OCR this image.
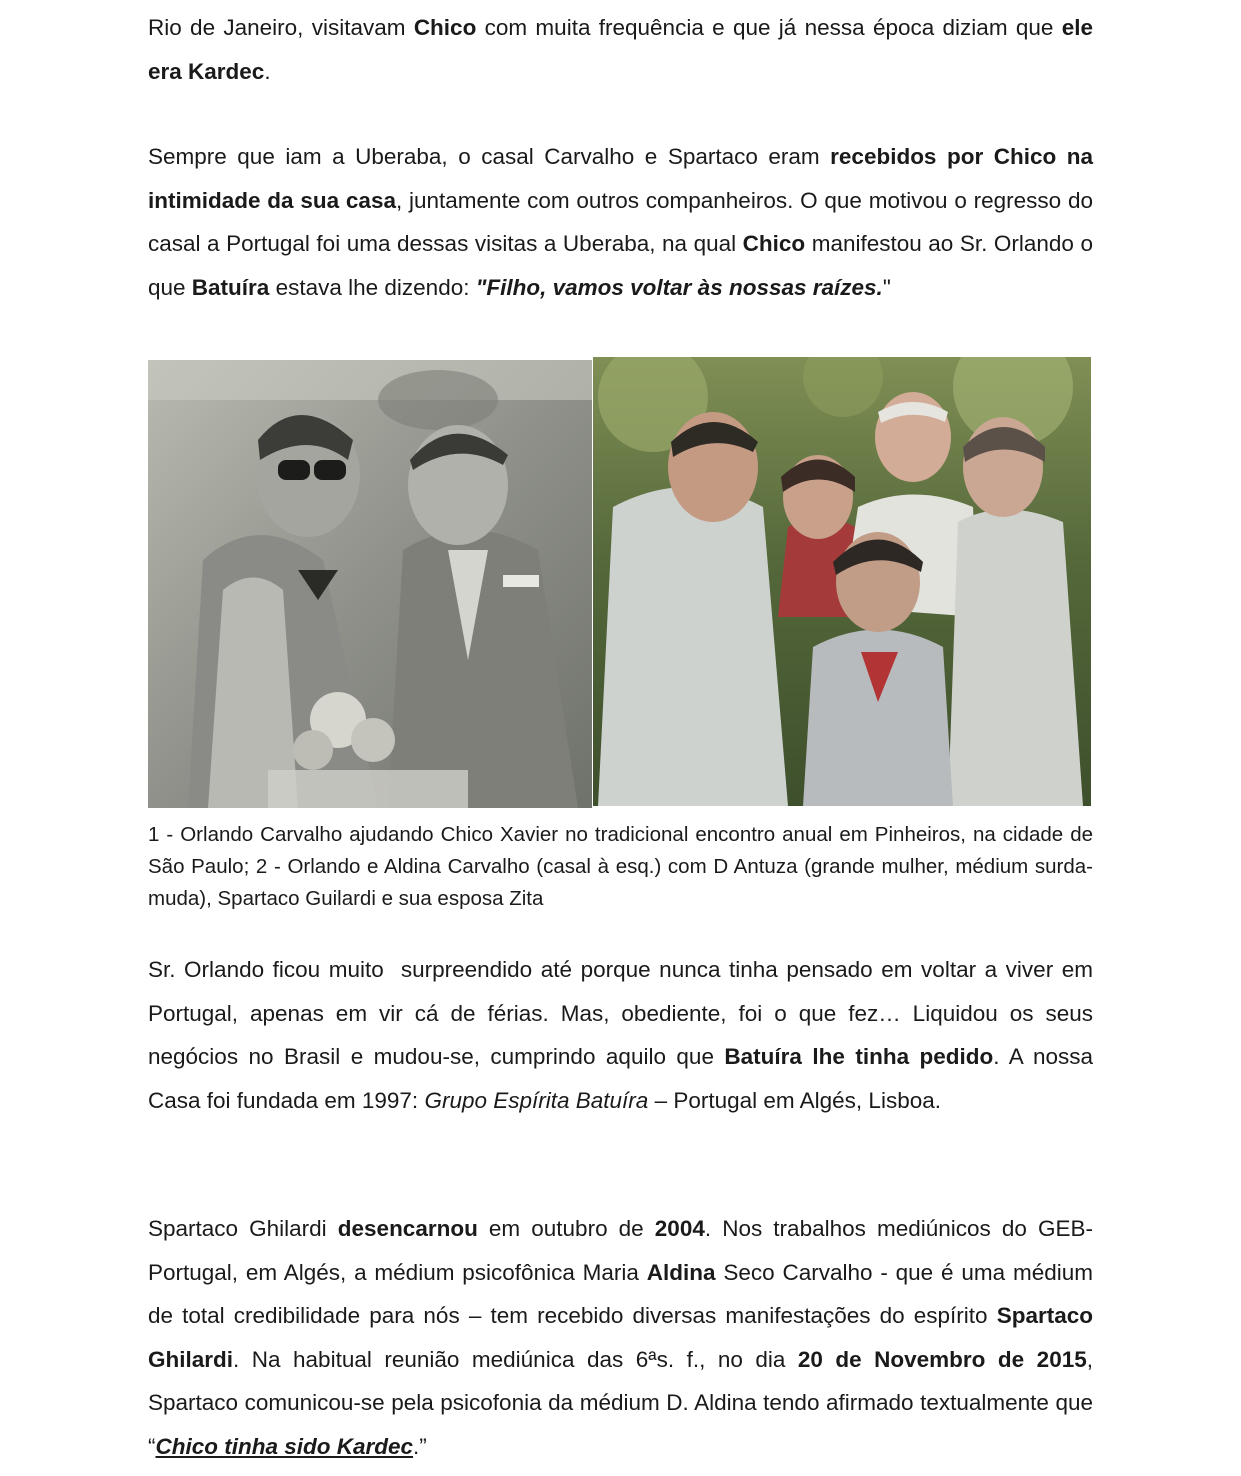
Rio de Janeiro, visitavam Chico com muita frequência e que já nessa época diziam que ele era Kardec.

Sempre que iam a Uberaba, o casal Carvalho e Spartaco eram recebidos por Chico na intimidade da sua casa, juntamente com outros companheiros. O que motivou o regresso do casal a Portugal foi uma dessas visitas a Uberaba, na qual Chico manifestou ao Sr. Orlando o que Batuíra estava lhe dizendo: "Filho, vamos voltar às nossas raízes."

1 - Orlando Carvalho ajudando Chico Xavier no tradicional encontro anual em Pinheiros, na cidade de São Paulo; 2 - Orlando e Aldina Carvalho (casal à esq.) com D Antuza (grande mulher, médium surda-muda), Spartaco Guilardi e sua esposa Zita

Sr. Orlando ficou muito  surpreendido até porque nunca tinha pensado em voltar a viver em Portugal, apenas em vir cá de férias. Mas, obediente, foi o que fez… Liquidou os seus negócios no Brasil e mudou-se, cumprindo aquilo que Batuíra lhe tinha pedido. A nossa Casa foi fundada em 1997: Grupo Espírita Batuíra – Portugal em Algés, Lisboa.

Spartaco Ghilardi desencarnou em outubro de 2004. Nos trabalhos mediúnicos do GEB-Portugal, em Algés, a médium psicofônica Maria Aldina Seco Carvalho - que é uma médium de total credibilidade para nós – tem recebido diversas manifestações do espírito Spartaco Ghilardi. Na habitual reunião mediúnica das 6ªs. f., no dia 20 de Novembro de 2015, Spartaco comunicou-se pela psicofonia da médium D. Aldina tendo afirmado textualmente que “Chico tinha sido Kardec.”
